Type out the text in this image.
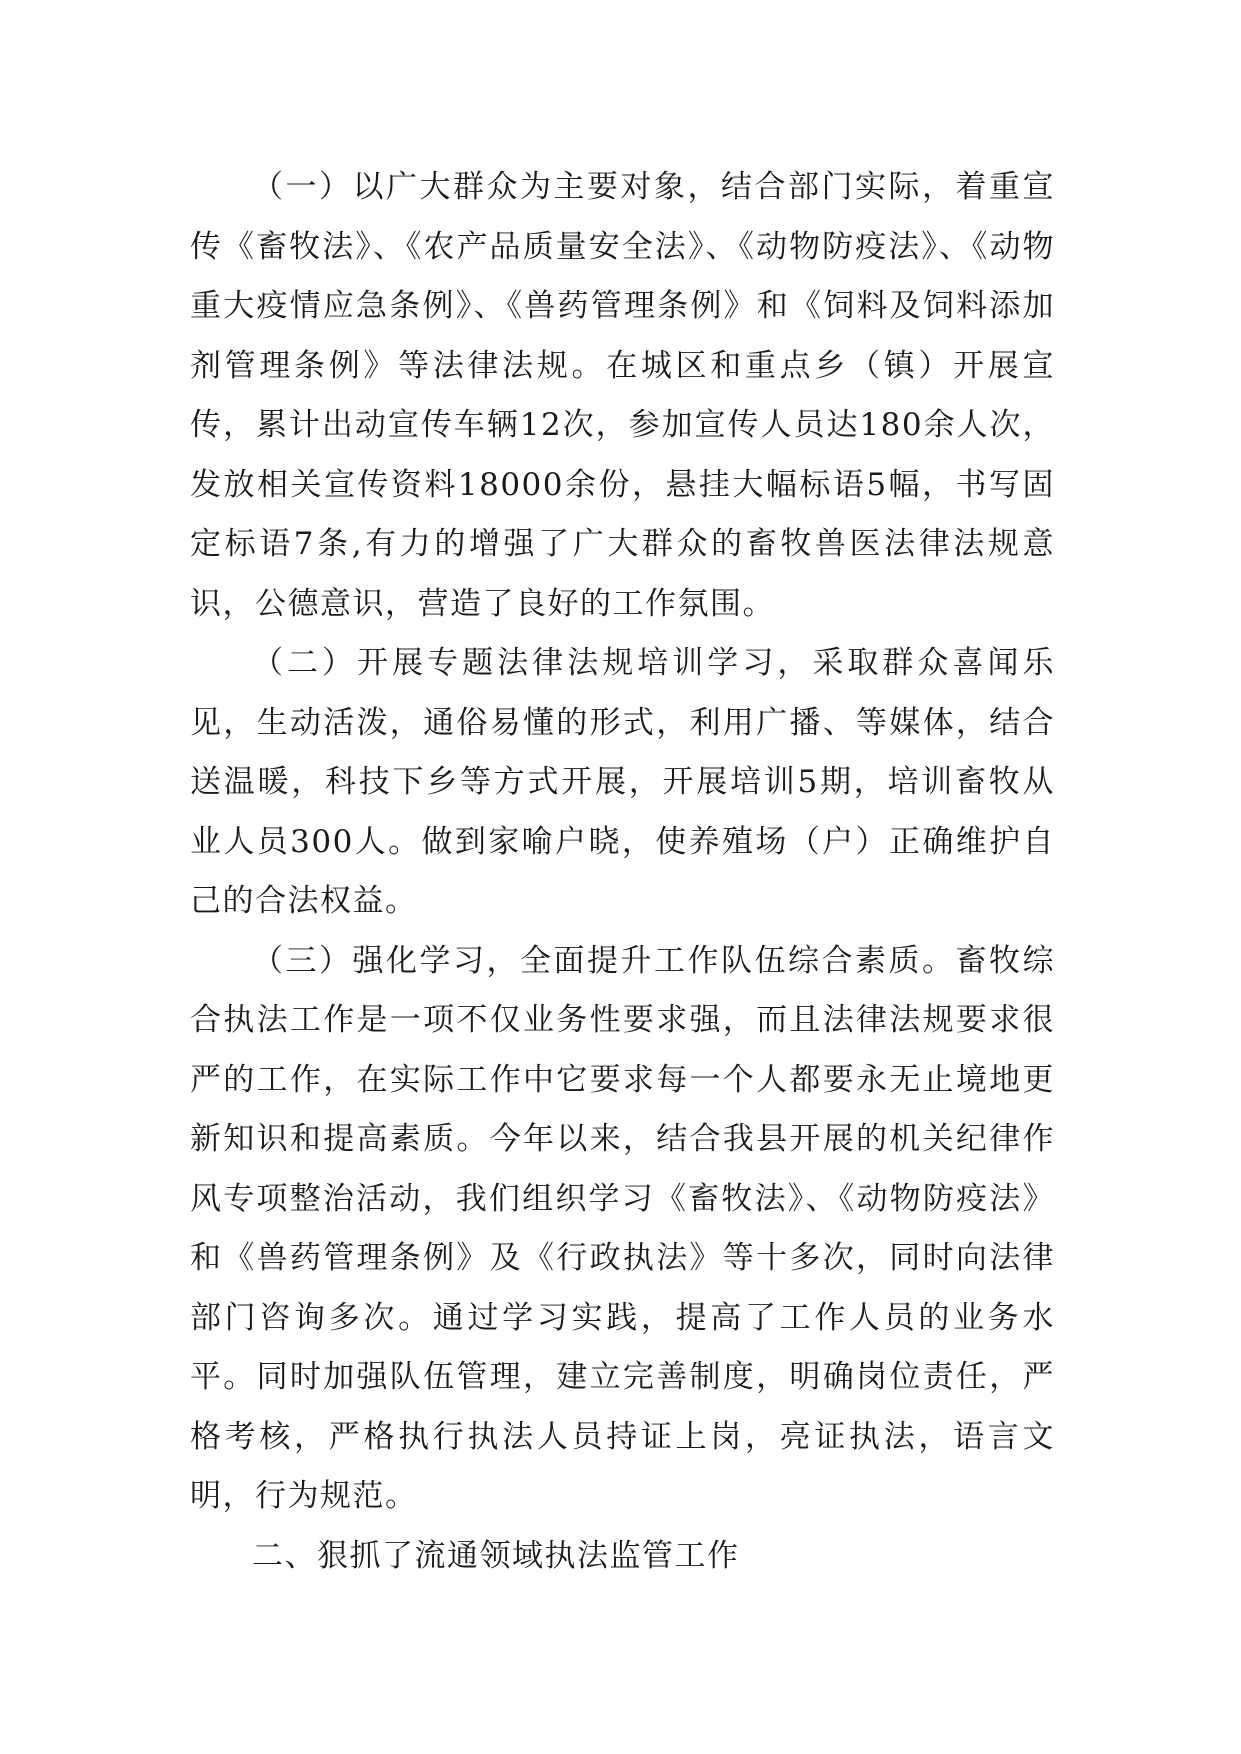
（一）以广大群众为主要对象，结合部门实际，着重宣传《畜牧法》、《农产品质量安全法》、《动物防疫法》、《动物重大疫情应急条例》、《兽药管理条例》和《饲料及饲料添加剂管理条例》等法律法规。在城区和重点乡（镇）开展宣传，累计出动宣传车辆12次，参加宣传人员达180余人次，发放相关宣传资料18000余份，悬挂大幅标语5幅，书写固定标语7条,有力的增强了广大群众的畜牧兽医法律法规意识，公德意识，营造了良好的工作氛围。

（二）开展专题法律法规培训学习，采取群众喜闻乐见，生动活泼，通俗易懂的形式，利用广播、等媒体，结合送温暖，科技下乡等方式开展，开展培训5期，培训畜牧从业人员300人。做到家喻户晓，使养殖场（户）正确维护自己的合法权益。

（三）强化学习，全面提升工作队伍综合素质。畜牧综合执法工作是一项不仅业务性要求强，而且法律法规要求很严的工作，在实际工作中它要求每一个人都要永无止境地更新知识和提高素质。今年以来，结合我县开展的机关纪律作风专项整治活动，我们组织学习《畜牧法》、《动物防疫法》和《兽药管理条例》及《行政执法》等十多次，同时向法律部门咨询多次。通过学习实践，提高了工作人员的业务水平。同时加强队伍管理，建立完善制度，明确岗位责任，严格考核，严格执行执法人员持证上岗，亮证执法，语言文明，行为规范。

二、狠抓了流通领域执法监管工作
